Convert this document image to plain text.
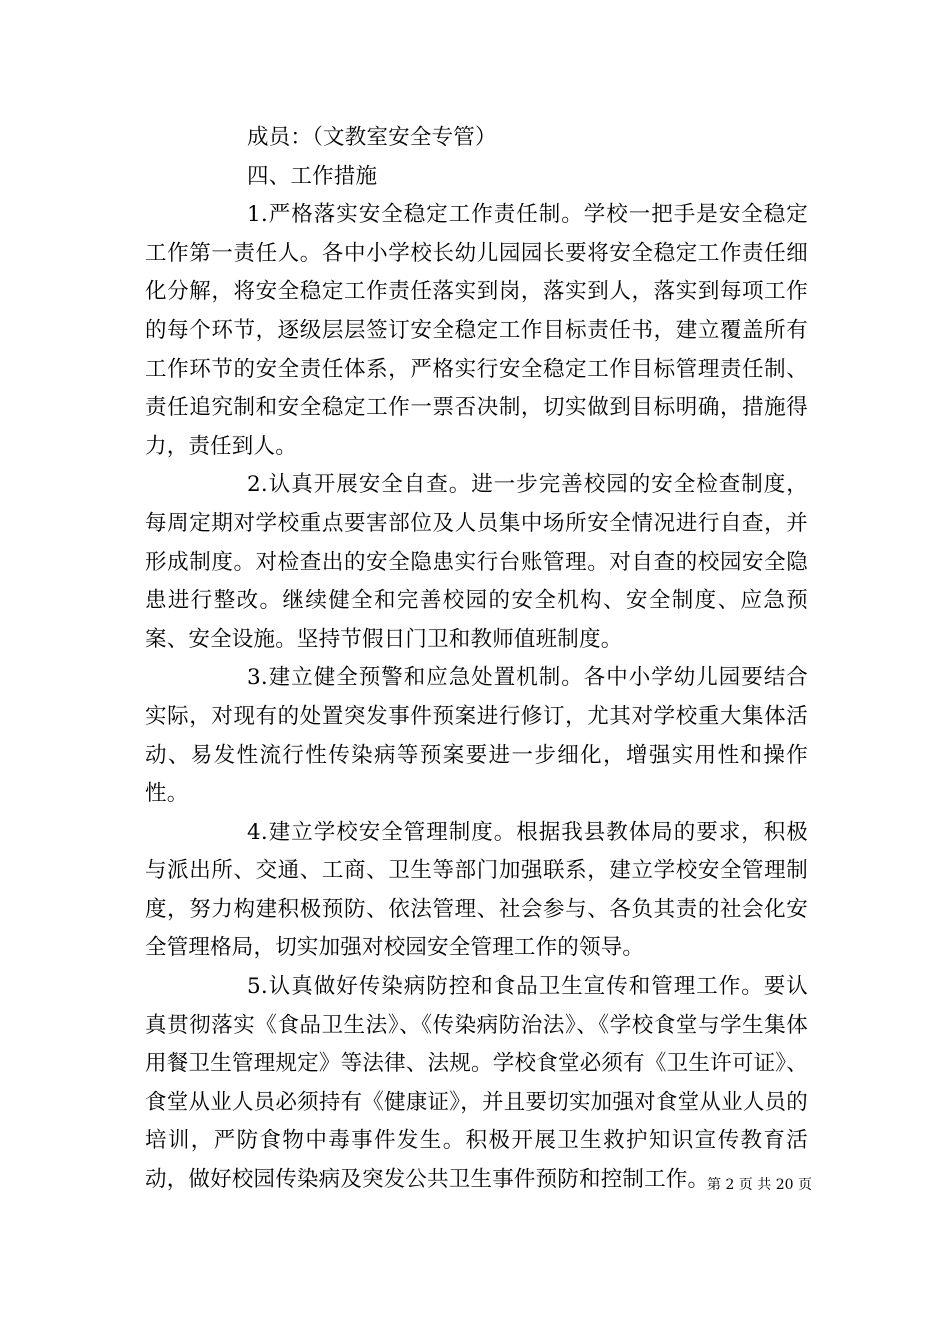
成员：（文教室安全专管）

四、工作措施

1.严格落实安全稳定工作责任制。学校一把手是安全稳定工作第一责任人。各中小学校长幼儿园园长要将安全稳定工作责任细化分解，将安全稳定工作责任落实到岗，落实到人，落实到每项工作的每个环节，逐级层层签订安全稳定工作目标责任书，建立覆盖所有工作环节的安全责任体系，严格实行安全稳定工作目标管理责任制、责任追究制和安全稳定工作一票否决制，切实做到目标明确，措施得力，责任到人。

2.认真开展安全自查。进一步完善校园的安全检查制度，每周定期对学校重点要害部位及人员集中场所安全情况进行自查，并形成制度。对检查出的安全隐患实行台账管理。对自查的校园安全隐患进行整改。继续健全和完善校园的安全机构、安全制度、应急预案、安全设施。坚持节假日门卫和教师值班制度。

3.建立健全预警和应急处置机制。各中小学幼儿园要结合实际，对现有的处置突发事件预案进行修订，尤其对学校重大集体活动、易发性流行性传染病等预案要进一步细化，增强实用性和操作性。

4.建立学校安全管理制度。根据我县教体局的要求，积极与派出所、交通、工商、卫生等部门加强联系，建立学校安全管理制度，努力构建积极预防、依法管理、社会参与、各负其责的社会化安全管理格局，切实加强对校园安全管理工作的领导。

5.认真做好传染病防控和食品卫生宣传和管理工作。要认真贯彻落实《食品卫生法》、《传染病防治法》、《学校食堂与学生集体用餐卫生管理规定》等法律、法规。学校食堂必须有《卫生许可证》、食堂从业人员必须持有《健康证》，并且要切实加强对食堂从业人员的培训，严防食物中毒事件发生。积极开展卫生救护知识宣传教育活动，做好校园传染病及突发公共卫生事件预防和控制工作。

第 2 页 共 20 页
